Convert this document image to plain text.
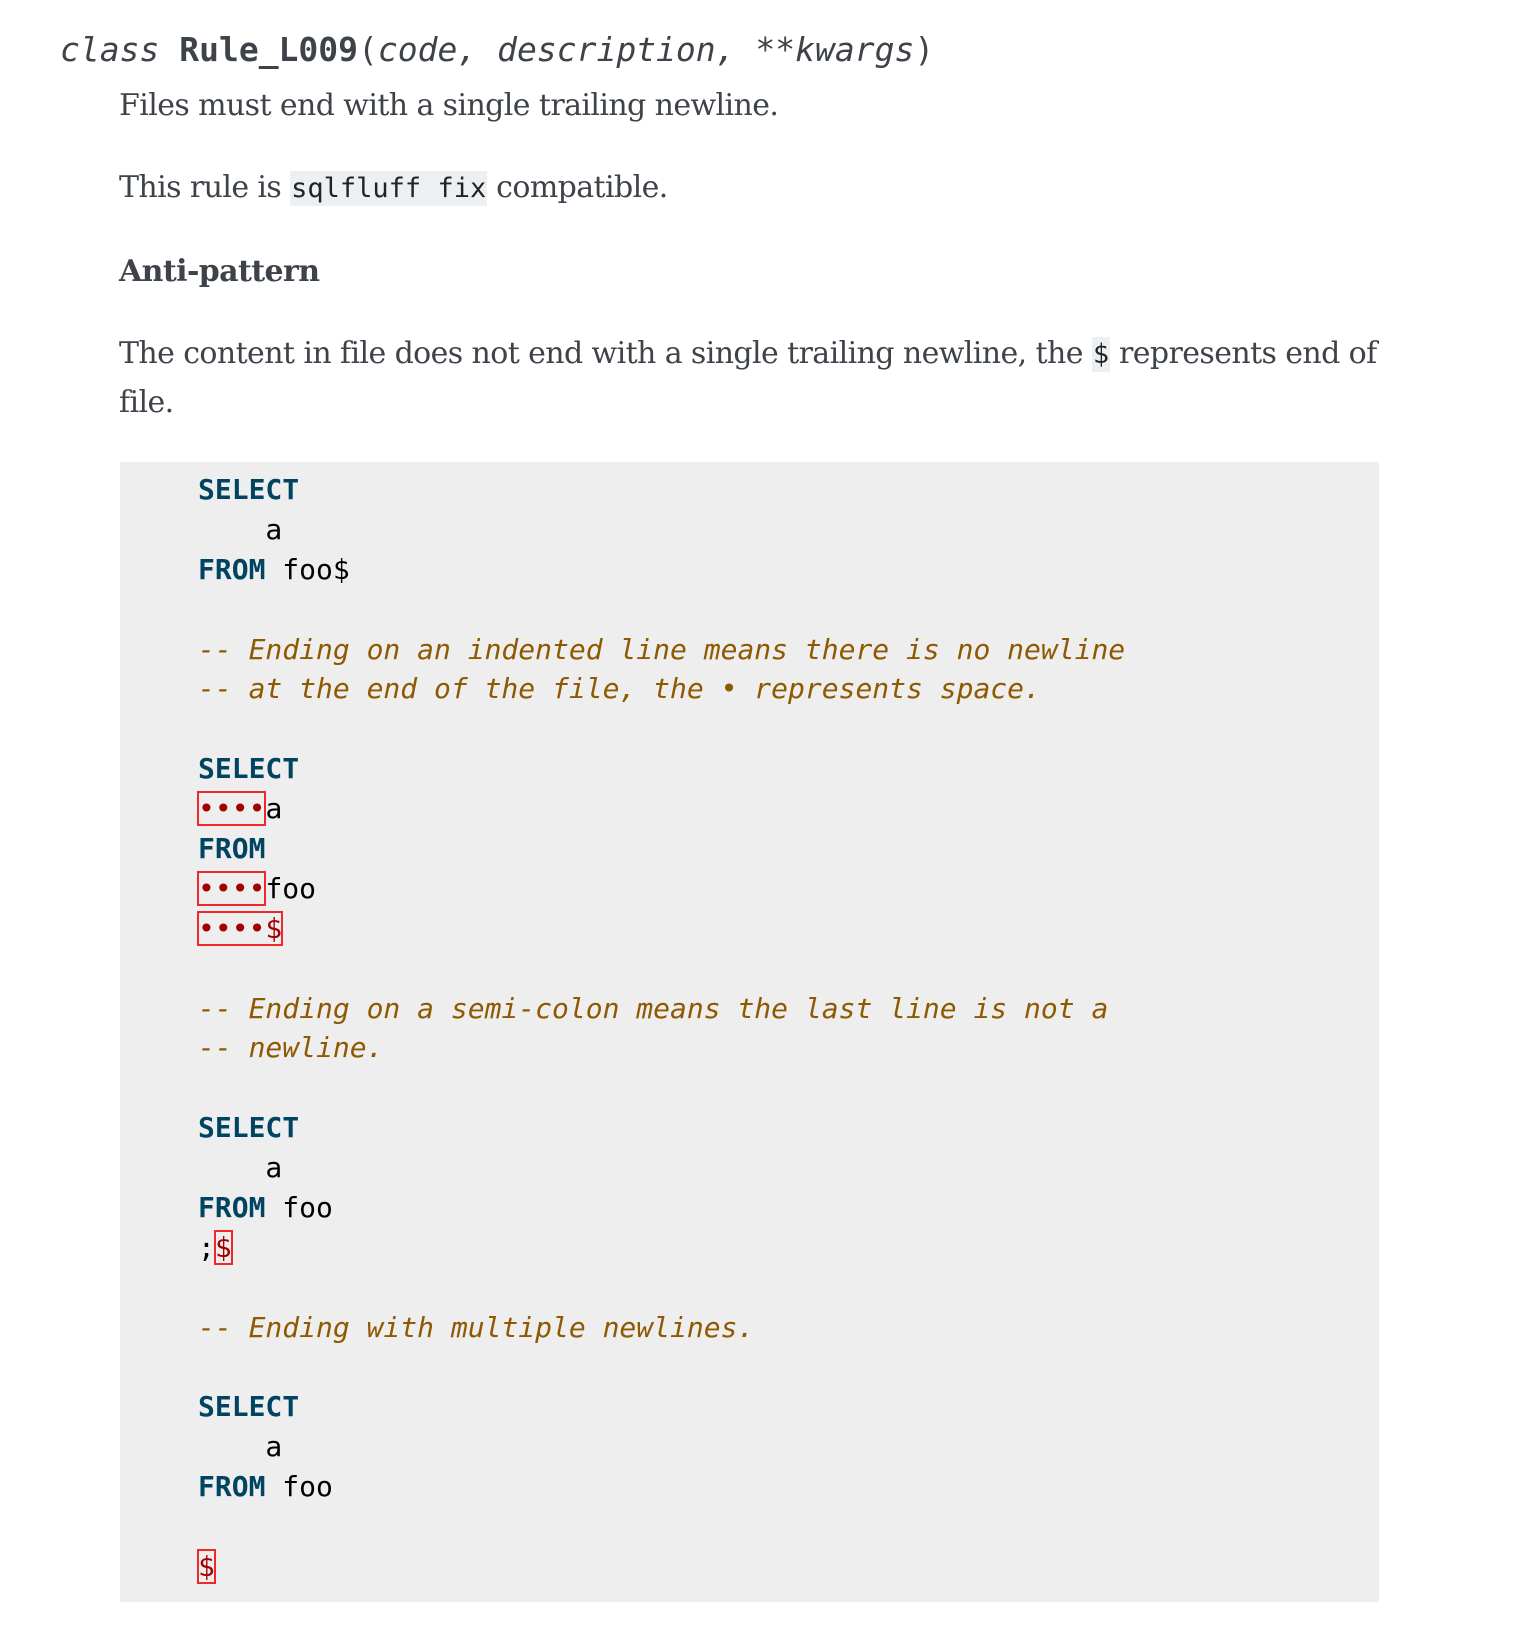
class Rule_L009(code, description, **kwargs)
Files must end with a single trailing newline.
This rule is sqlfluff fix compatible.
Anti-pattern
The content in file does not end with a single trailing newline, the $ represents end of file.
SELECT
a
FROM foo$

-- Ending on an indented line means there is no newline
-- at the end of the file, the • represents space.

SELECT
••••a
FROM
••••foo
••••$

-- Ending on a semi-colon means the last line is not a
-- newline.

SELECT
a
FROM foo
;$

-- Ending with multiple newlines.

SELECT
a
FROM foo

$
